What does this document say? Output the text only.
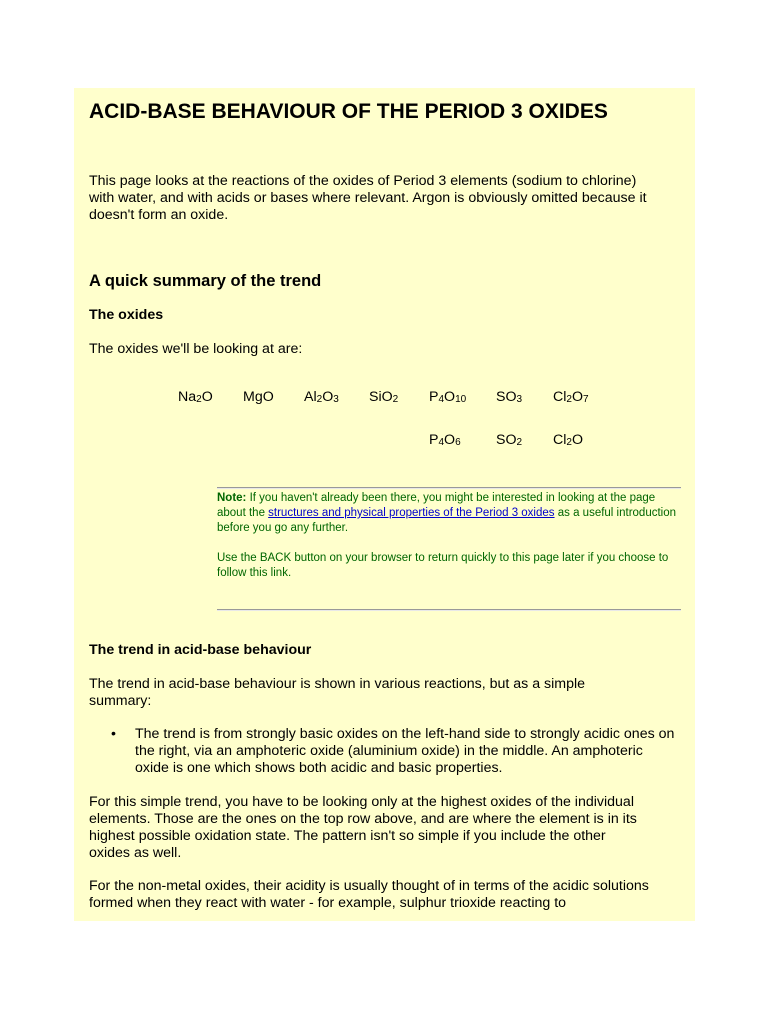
ACID-BASE BEHAVIOUR OF THE PERIOD 3 OXIDES

This page looks at the reactions of the oxides of Period 3 elements (sodium to chlorine) with water, and with acids or bases where relevant. Argon is obviously omitted because it doesn't form an oxide.

A quick summary of the trend
The oxides

The oxides we'll be looking at are:

$Na_2O$ MgO $Al_2O_3$ SiO$_2$ $P_4O_{10}$ $SO_3$ $Cl_2O_7$
$P_4O_6$ $SO_2$ $Cl_2O$

Note: If you haven't already been there, you might be interested in looking at the page about the structures and physical properties of the Period 3 oxides as a useful introduction before you go any further.

Use the BACK button on your browser to return quickly to this page later if you choose to follow this link.

The trend in acid-base behaviour

The trend in acid-base behaviour is shown in various reactions, but as a simple summary:

• The trend is from strongly basic oxides on the left-hand side to strongly acidic ones on the right, via an amphoteric oxide (aluminium oxide) in the middle. An amphoteric oxide is one which shows both acidic and basic properties.

For this simple trend, you have to be looking only at the highest oxides of the individual elements. Those are the ones on the top row above, and are where the element is in its highest possible oxidation state. The pattern isn't so simple if you include the other oxides as well.

For the non-metal oxides, their acidity is usually thought of in terms of the acidic solutions formed when they react with water - for example, sulphur trioxide reacting to
